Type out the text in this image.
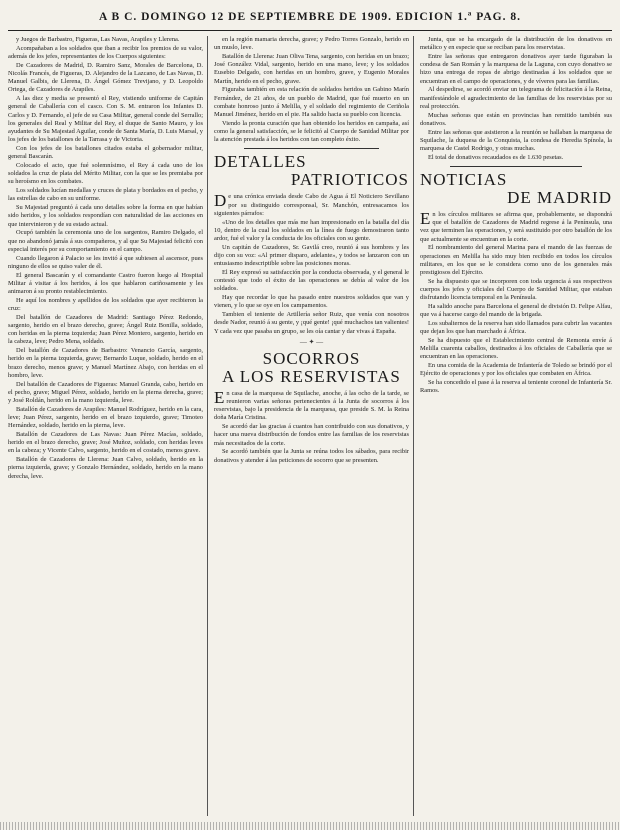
A B C. DOMINGO 12 DE SEPTIEMBRE DE 1909. EDICION 1.ª PAG. 8.

y Juegos de Barbastro, Figueras, Las Navas, Arapiles y Llerena.

Acompañaban a los soldados que iban a recibir los premios de su valor, además de los jefes, representantes de los Cuerpos siguientes:

De Cazadores de Madrid, D. Ramiro Sanz, Morales de Barcelona, D. Nicolás Francés, de Figueras, D. Alejandro de la Lazcano, de Las Navas, D. Manuel Galbis, de Llerena, D. Ángel Gómez Trevijano, y D. Leopoldo Ortega, de Cazadores de Arapiles.

A las diez y media se presentó el Rey, vistiendo uniforme de Capitán general de Caballería con el casco. Con S. M. entraron los Infantes D. Carlos y D. Fernando, el jefe de su Casa Militar, general conde del Serrallo; los generales del Real y Militar del Rey, el duque de Santo Mauro, y los ayudantes de Su Majestad Aguilar, conde de Santa María, D. Luis Marsal, y los jefes de los batallones de la Tarrasa y de Victoria.

Con los jefes de los batallones citados estaba el gobernador militar, general Bascarán.

Colocado el acto, que fué solemnísimo, el Rey á cada uno de los soldados la cruz de plata del Mérito Militar, con la que se les premiaba por su heroísmo en los combates.

Los soldados lucían medallas y cruces de plata y bordados en el pecho, y las estrellas de cabo en su uniforme.

Su Majestad preguntó á cada uno detalles sobre la forma en que habían sido heridos, y los soldados respondían con naturalidad de las acciones en que intervinieron y de su estado actual.

Ocupó también la ceremonia uno de los sargentos, Ramiro Delgado, el que no abandonó jamás á sus compañeros, y al que Su Majestad felicitó con especial interés por su comportamiento en el campo.

Cuando llegaron á Palacio se les invitó á que subiesen al ascensor, pues ninguno de ellos se quiso valer de él.

El general Bascarán y el comandante Castro fueron luego al Hospital Militar á visitar á los heridos, á los que hablaron cariñosamente y les animaron á su pronto restablecimiento.

He aquí los nombres y apellidos de los soldados que ayer recibieron la cruz:

Del batallón de Cazadores de Madrid: Santiago Pérez Redondo, sargento, herido en el brazo derecho, grave; Ángel Ruiz Bonilla, soldado, con heridas en la pierna izquierda; Juan Pérez Montero, sargento, herido en la cabeza, leve; Pedro Mena, soldado.

Del batallón de Cazadores de Barbastro: Venancio García, sargento, herido en la pierna izquierda, grave; Bernardo Luque, soldado, herido en el brazo derecho, menos grave; y Manuel Martínez Abajo, con heridas en el hombro, leve.

Del batallón de Cazadores de Figueras: Manuel Granda, cabo, herido en el pecho, grave; Miguel Pérez, soldado, herido en la pierna derecha, grave; y José Roldán, herido en la mano izquierda, leve.

Batallón de Cazadores de Arapiles: Manuel Rodríguez, herido en la cara, leve; Juan Pérez, sargento, herido en el brazo izquierdo, grave; Timoteo Hernández, soldado, herido en la pierna, leve.

Batallón de Cazadores de Las Navas: Juan Pérez Macías, soldado, herido en el brazo derecho, grave; José Muñoz, soldado, con heridas leves en la cabeza; y Vicente Calvo, sargento, herido en el costado, menos grave.

Batallón de Cazadores de Llerena: Juan Calvo, soldado, herido en la pierna izquierda, grave; y Gonzalo Hernández, soldado, herido en la mano derecha, leve.

en la región mamaria derecha, grave; y Pedro Torres Gonzalo, herido en un muslo, leve.

Batallón de Llerena: Juan Oliva Tena, sargento, con heridas en un brazo; José González Vidal, sargento, herido en una mano, leve; y los soldados Eusebio Delgado, con heridas en un hombro, grave, y Eugenio Morales Martín, herido en el pecho, grave.

Figuraba también en esta relación de soldados heridos un Gabino Marín Fernández, de 21 años, de un pueblo de Madrid, que fué muerto en un combate honroso junto á Melilla, y el soldado del regimiento de Ceriñola Manuel Jiménez, herido en el pie. Ha salido hacia su pueblo con licencia.

Viendo la pronta curación que han obtenido los heridos en campaña, así como la general satisfacción, se le felicitó al Cuerpo de Sanidad Militar por la atención prestada á los heridos con tan completo éxito.

DETALLES
PATRIOTICOS

De una crónica enviada desde Cabo de Agua á El Noticiero Sevillano por su distinguido corresponsal, Sr. Manchón, entresacamos los siguientes párrafos:

«Uno de los detalles que más me han impresionado en la batalla del día 10, dentro de la cual los soldados en la línea de fuego demostraron tanto ardor, fué el valor y la conducta de los oficiales con su gente.

Un capitán de Cazadores, Sr. Gavilá creo, reunió á sus hombres y les dijo con su voz: «Al primer disparo, adelante», y todos se lanzaron con un entusiasmo indescriptible sobre las posiciones moras.

El Rey expresó su satisfacción por la conducta observada, y el general le contestó que todo el éxito de las operaciones se debía al valor de los soldados.

Hay que recordar lo que ha pasado entre nuestros soldados que van y vienen, y lo que se oye en los campamentos.

Tambien el teniente de Artillería señor Ruiz, que venía con nosotros desde Nador, reunió á su gente, y ¡qué gente! ¡qué muchachos tan valientes! Y cada vez que pasaba un grupo, se les oía cantar y dar vivas á España.

— ✦ —
SOCORROS
A LOS RESERVISTAS

En casa de la marquesa de Squilache, anoche, á las ocho de la tarde, se reunieron varias señoras pertenecientes á la Junta de socorros á los reservistas, bajo la presidencia de la marquesa, que preside S. M. la Reina doña María Cristina.

Se acordó dar las gracias á cuantos han contribuido con sus donativos, y hacer una nueva distribución de fondos entre las familias de los reservistas más necesitados de la corte.

Se acordó también que la Junta se reúna todos los sábados, para recibir donativos y atender á las peticiones de socorro que se presenten.

Junta, que se ha encargado de la distribución de los donativos en metálico y en especie que se reciban para los reservistas.

Entre las señoras que entregaron donativos ayer tarde figuraban la condesa de San Román y la marquesa de la Laguna, con cuyo donativo se hizo una entrega de ropas de abrigo destinadas á los soldados que se encuentran en el campo de operaciones, y de víveres para las familias.

Al despedirse, se acordó enviar un telegrama de felicitación á la Reina, manifestándole el agradecimiento de las familias de los reservistas por su real protección.

Muchas señoras que están en provincias han remitido también sus donativos.

Entre las señoras que asistieron a la reunión se hallaban la marquesa de Squilache, la duquesa de la Conquista, la condesa de Heredia Spínola, la marquesa de Castel Rodrigo, y otras muchas.

El total de donativos recaudados es de 1.630 pesetas.

NOTICIAS
DE MADRID

En los círculos militares se afirma que, probablemente, se dispondrá que el batallón de Cazadores de Madrid regrese á la Península, una vez que terminen las operaciones, y será sustituido por otro batallón de los que actualmente se encuentran en la corte.

El nombramiento del general Marina para el mando de las fuerzas de operaciones en Melilla ha sido muy bien recibido en todos los círculos militares, en los que se le considera como uno de los generales más prestigiosos del Ejército.

Se ha dispuesto que se incorporen con toda urgencia á sus respectivos cuerpos los jefes y oficiales del Cuerpo de Sanidad Militar, que estaban disfrutando licencia temporal en la Península.

Ha salido anoche para Barcelona el general de división D. Felipe Alfau, que va á hacerse cargo del mando de la brigada.

Los subalternos de la reserva han sido llamados para cubrir las vacantes que dejan los que han marchado á África.

Se ha dispuesto que el Establecimiento central de Remonta envíe á Melilla cuarenta caballos, destinados á los oficiales de Caballería que se encuentran en las operaciones.

En una comida de la Academia de Infantería de Toledo se brindó por el Ejército de operaciones y por los oficiales que combaten en África.

Se ha concedido el pase á la reserva al teniente coronel de Infantería Sr. Ramos.
